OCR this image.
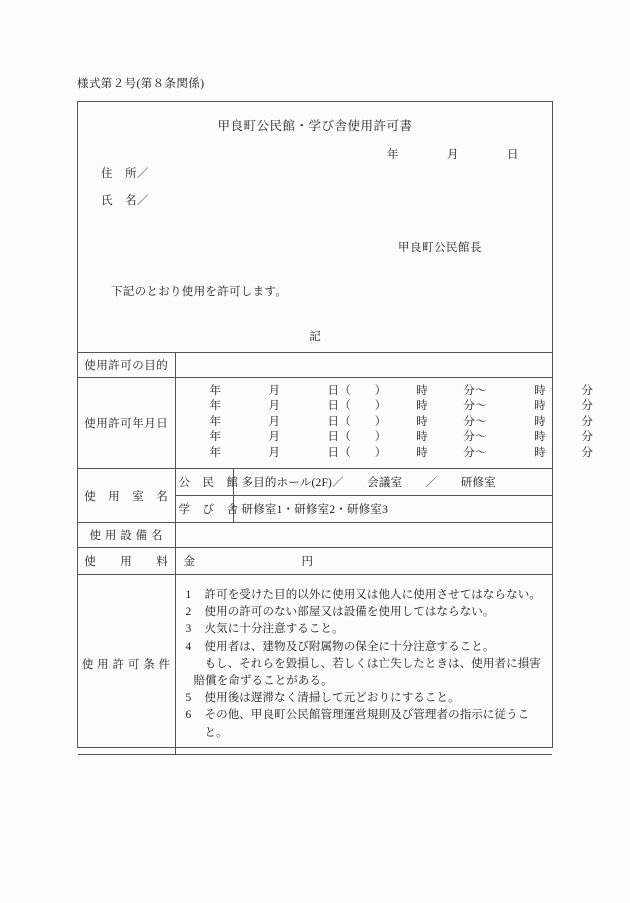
様式第２号(第８条関係)
甲良町公民館・学び舎使用許可書
年　　　　月　　　　日
住　所／
氏　名／
甲良町公民館長
下記のとおり使用を許可します。
記
使用許可の目的		

使用許可年月日	年　　　　月　　　　日（　　）　　　時　　　分〜　　　　時　　　分
年　　　　月　　　　日（　　）　　　時　　　分〜　　　　時　　　分
年　　　　月　　　　日（　　）　　　時　　　分〜　　　　時　　　分
年　　　　月　　　　日（　　）　　　時　　　分〜　　　　時　　　分
年　　　　月　　　　日（　　）　　　時　　　分〜　　　　時　　　分	

使　用　室　名	公　民　館	多目的ホール(2F)／　　会議室　　／　　研修室

	学　び　舎	研修室1・研修室2・研修室3

使 用 設 備 名		

使　　用　　料	金　　　　　　　　　円	

使 用 許 可 条 件

1	許可を受けた目的以外に使用又は他人に使用させてはならない。
2	使用の許可のない部屋又は設備を使用してはならない。
3	火気に十分注意すること。
4	使用者は、建物及び附属物の保全に十分注意すること。
もし、それらを毀損し、若しくは亡失したときは、使用者に損害賠償を命ずることがある。
5	使用後は遅滞なく清掃して元どおりにすること。
6	その他、甲良町公民館管理運営規則及び管理者の指示に従うこと。
